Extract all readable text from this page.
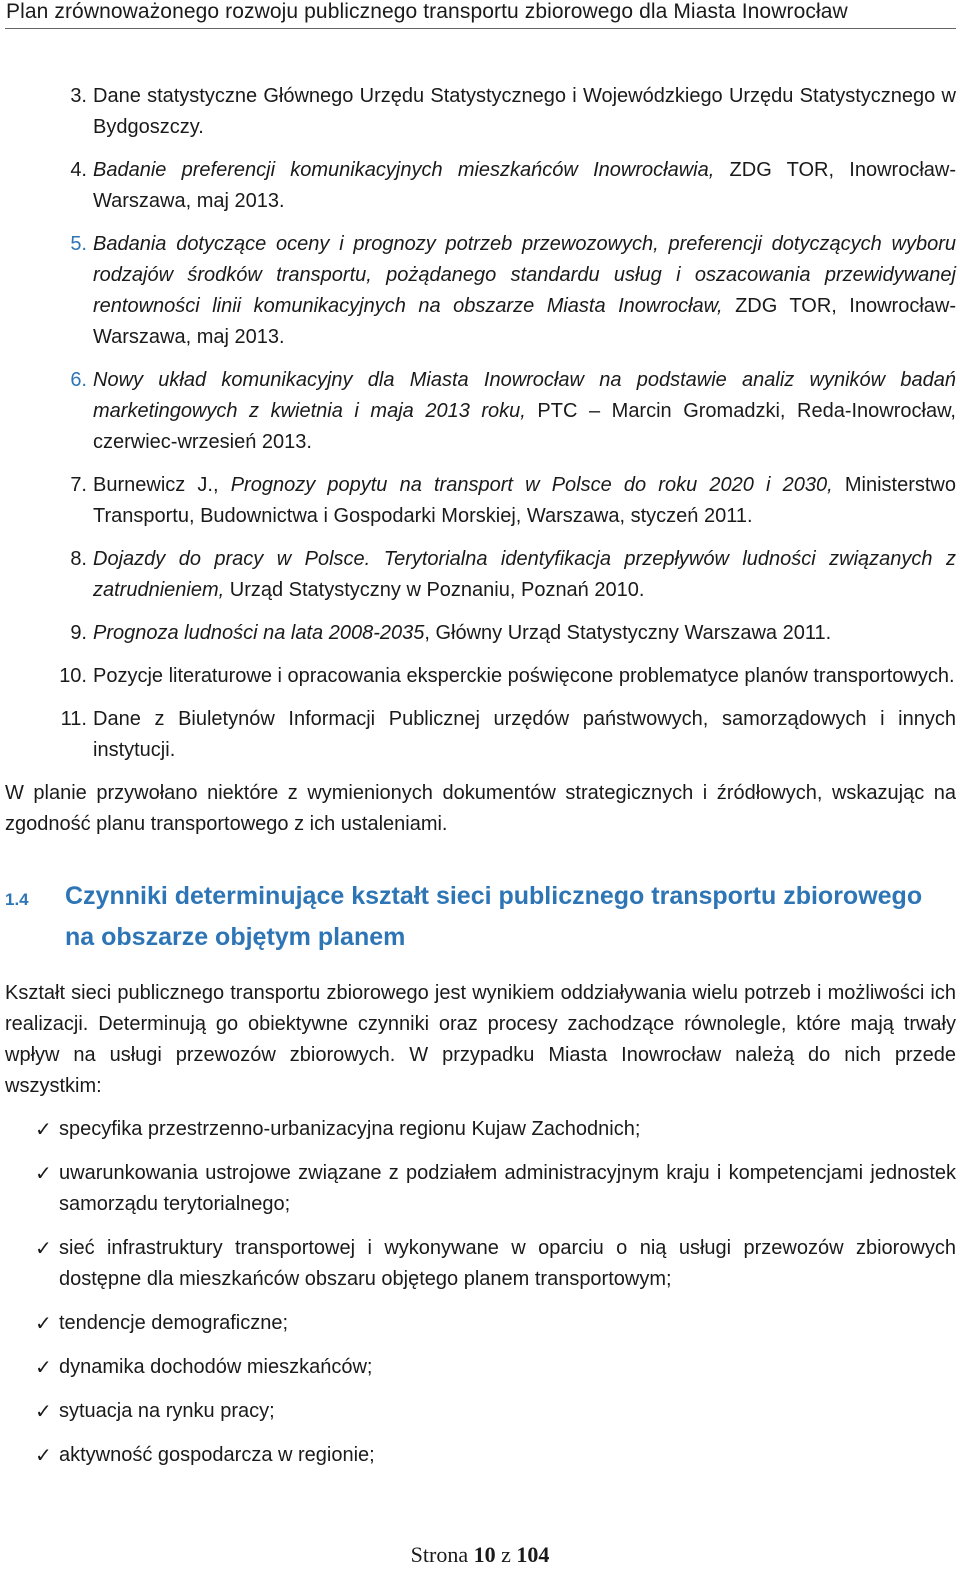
Plan zrównoważonego rozwoju publicznego transportu zbiorowego dla Miasta Inowrocław
3. Dane statystyczne Głównego Urzędu Statystycznego i Wojewódzkiego Urzędu Statystycznego w Bydgoszczy.
4. Badanie preferencji komunikacyjnych mieszkańców Inowrocławia, ZDG TOR, Inowrocław-Warszawa, maj 2013.
5. Badania dotyczące oceny i prognozy potrzeb przewozowych, preferencji dotyczących wyboru rodzajów środków transportu, pożądanego standardu usług i oszacowania przewidywanej rentowności linii komunikacyjnych na obszarze Miasta Inowrocław, ZDG TOR, Inowrocław-Warszawa, maj 2013.
6. Nowy układ komunikacyjny dla Miasta Inowrocław na podstawie analiz wyników badań marketingowych z kwietnia i maja 2013 roku, PTC – Marcin Gromadzki, Reda-Inowrocław, czerwiec-wrzesień 2013.
7. Burnewicz J., Prognozy popytu na transport w Polsce do roku 2020 i 2030, Ministerstwo Transportu, Budownictwa i Gospodarki Morskiej, Warszawa, styczeń 2011.
8. Dojazdy do pracy w Polsce. Terytorialna identyfikacja przepływów ludności związanych z zatrudnieniem, Urząd Statystyczny w Poznaniu, Poznań 2010.
9. Prognoza ludności na lata 2008-2035, Główny Urząd Statystyczny Warszawa 2011.
10. Pozycje literaturowe i opracowania eksperckie poświęcone problematyce planów transportowych.
11. Dane z Biuletynów Informacji Publicznej urzędów państwowych, samorządowych i innych instytucji.

W planie przywołano niektóre z wymienionych dokumentów strategicznych i źródłowych, wskazując na zgodność planu transportowego z ich ustaleniami.

1.4	Czynniki determinujące kształt sieci publicznego transportu zbiorowego na obszarze objętym planem

Kształt sieci publicznego transportu zbiorowego jest wynikiem oddziaływania wielu potrzeb i możliwości ich realizacji. Determinują go obiektywne czynniki oraz procesy zachodzące równolegle, które mają trwały wpływ na usługi przewozów zbiorowych. W przypadku Miasta Inowrocław należą do nich przede wszystkim:

✓ specyfika przestrzenno-urbanizacyjna regionu Kujaw Zachodnich;
✓ uwarunkowania ustrojowe związane z podziałem administracyjnym kraju i kompetencjami jednostek samorządu terytorialnego;
✓ sieć infrastruktury transportowej i wykonywane w oparciu o nią usługi przewozów zbiorowych dostępne dla mieszkańców obszaru objętego planem transportowym;
✓ tendencje demograficzne;
✓ dynamika dochodów mieszkańców;
✓ sytuacja na rynku pracy;
✓ aktywność gospodarcza w regionie;
Strona 10 z 104
